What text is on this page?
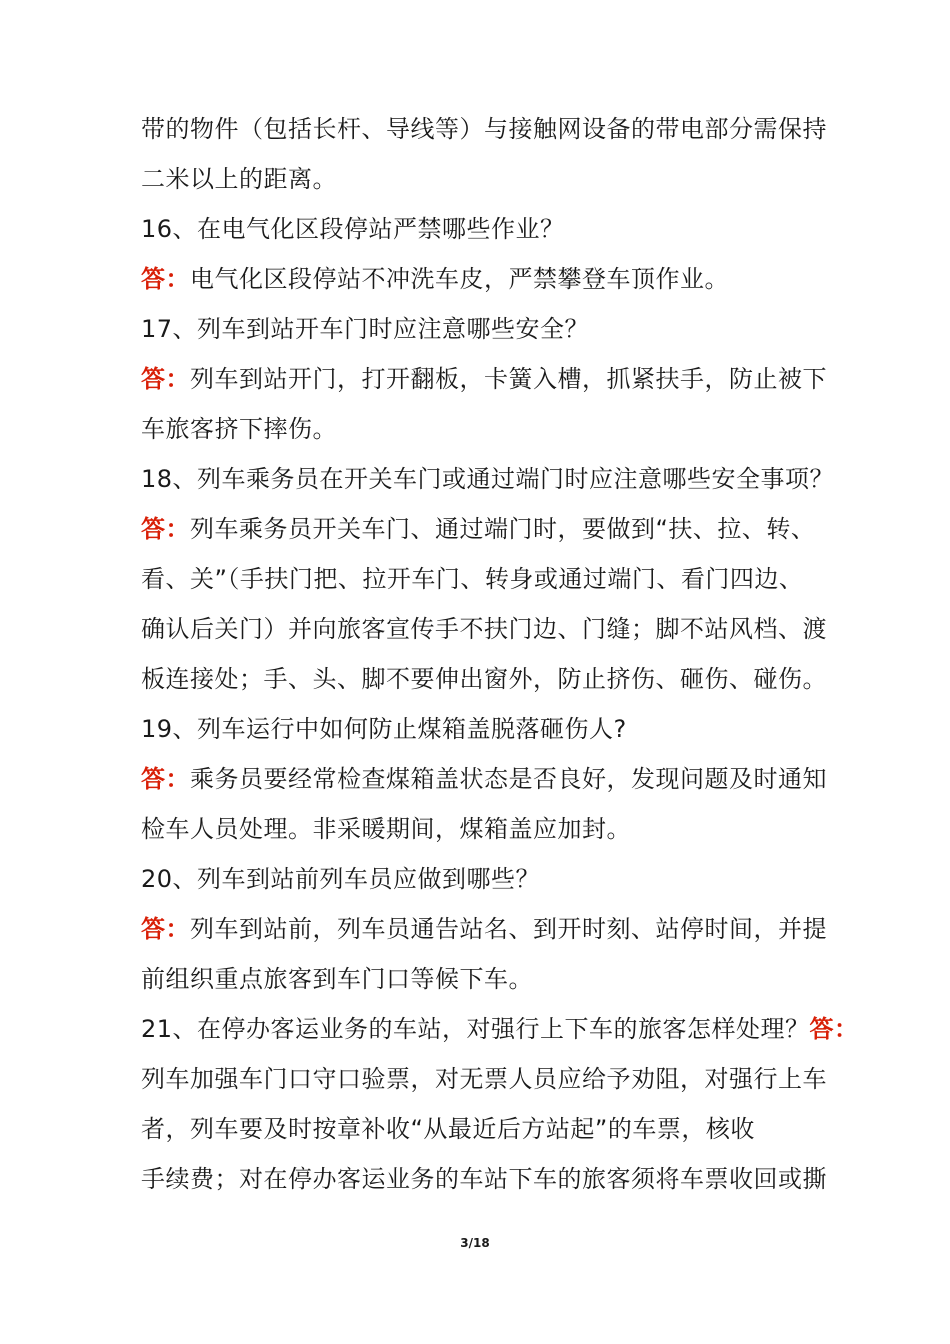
带的物件（包括长杆、导线等）与接触网设备的带电部分需保持
二米以上的距离。
16、在电气化区段停站严禁哪些作业？
答：电气化区段停站不冲洗车皮，严禁攀登车顶作业。
17、列车到站开车门时应注意哪些安全？
答：列车到站开门，打开翻板，卡簧入槽，抓紧扶手，防止被下
车旅客挤下摔伤。
18、列车乘务员在开关车门或通过端门时应注意哪些安全事项？
答：列车乘务员开关车门、通过端门时，要做到“扶、拉、转、
看、关”（手扶门把、拉开车门、转身或通过端门、看门四边、
确认后关门）并向旅客宣传手不扶门边、门缝；脚不站风档、渡
板连接处；手、头、脚不要伸出窗外，防止挤伤、砸伤、碰伤。
19、列车运行中如何防止煤箱盖脱落砸伤人?
答：乘务员要经常检查煤箱盖状态是否良好，发现问题及时通知
检车人员处理。非采暖期间，煤箱盖应加封。
20、列车到站前列车员应做到哪些？
答：列车到站前，列车员通告站名、到开时刻、站停时间，并提
前组织重点旅客到车门口等候下车。
21、在停办客运业务的车站，对强行上下车的旅客怎样处理？答：
列车加强车门口守口验票，对无票人员应给予劝阻，对强行上车
者，列车要及时按章补收“从最近后方站起”的车票，核收
手续费；对在停办客运业务的车站下车的旅客须将车票收回或撕
3/18
